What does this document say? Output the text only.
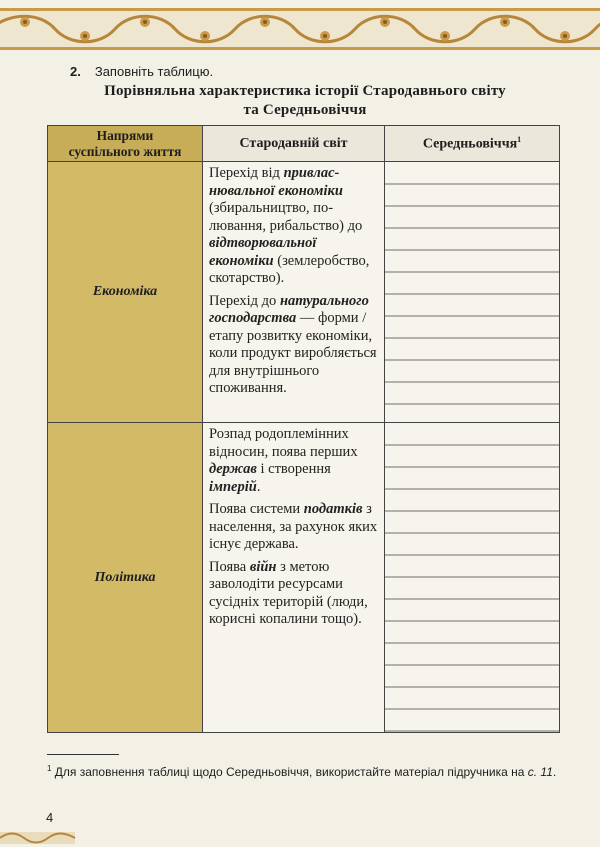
2. Заповніть таблицю.
Порівняльна характеристика історії Стародавнього світу
та Середньовіччя
Напрями
суспільного життя	Стародавній світ	Середньовіччя$^1$
Економіка	Перехід від привласнювальної економіки (збиральництво, полювання, рибальство) до відтворювальної економіки (землеробство, скотарство).
Перехід до натурального господарства — форми / етапу розвитку економіки, коли продукт виробляється для внутрішнього споживання.	

Політика	Розпад родоплемінних відносин, поява перших держав і створення імперій.
Поява системи податків з населення, за рахунок яких існує держава.
Поява війн з метою заволодіти ресурсами сусідніх територій (люди, корисні копалини тощо).	

$^1$ Для заповнення таблиці щодо Середньовіччя, використайте матеріал підручника на с. 11.
4
